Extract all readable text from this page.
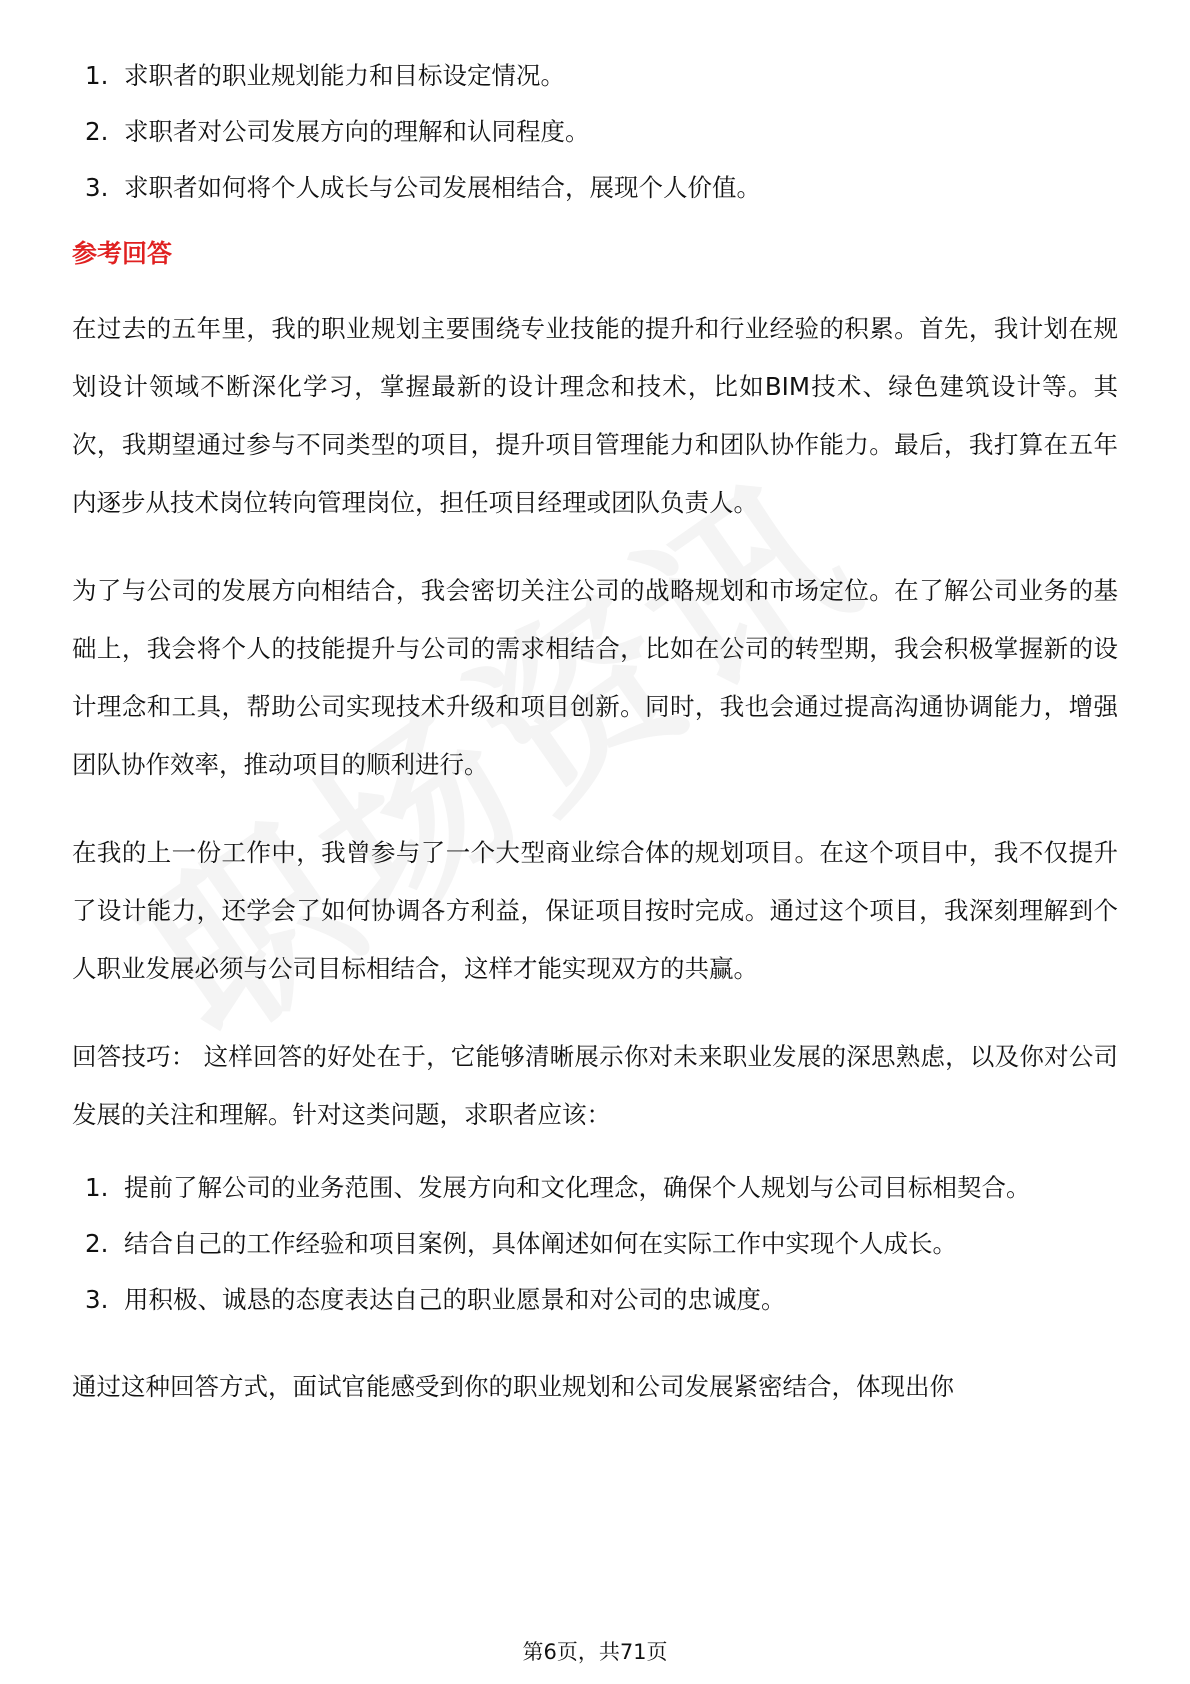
1. 求职者的职业规划能力和目标设定情况。
2. 求职者对公司发展方向的理解和认同程度。
3. 求职者如何将个人成长与公司发展相结合，展现个人价值。
参考回答

在过去的五年里，我的职业规划主要围绕专业技能的提升和行业经验的积累。首先，我计划在规划设计领域不断深化学习，掌握最新的设计理念和技术，比如BIM技术、绿色建筑设计等。其次，我期望通过参与不同类型的项目，提升项目管理能力和团队协作能力。最后，我打算在五年内逐步从技术岗位转向管理岗位，担任项目经理或团队负责人。

为了与公司的发展方向相结合，我会密切关注公司的战略规划和市场定位。在了解公司业务的基础上，我会将个人的技能提升与公司的需求相结合，比如在公司的转型期，我会积极掌握新的设计理念和工具，帮助公司实现技术升级和项目创新。同时，我也会通过提高沟通协调能力，增强团队协作效率，推动项目的顺利进行。

在我的上一份工作中，我曾参与了一个大型商业综合体的规划项目。在这个项目中，我不仅提升了设计能力，还学会了如何协调各方利益，保证项目按时完成。通过这个项目，我深刻理解到个人职业发展必须与公司目标相结合，这样才能实现双方的共赢。

回答技巧： 这样回答的好处在于，它能够清晰展示你对未来职业发展的深思熟虑，以及你对公司发展的关注和理解。针对这类问题，求职者应该：

1. 提前了解公司的业务范围、发展方向和文化理念，确保个人规划与公司目标相契合。
2. 结合自己的工作经验和项目案例，具体阐述如何在实际工作中实现个人成长。
3. 用积极、诚恳的态度表达自己的职业愿景和对公司的忠诚度。

通过这种回答方式，面试官能感受到你的职业规划和公司发展紧密结合，体现出你

第6页，共71页
